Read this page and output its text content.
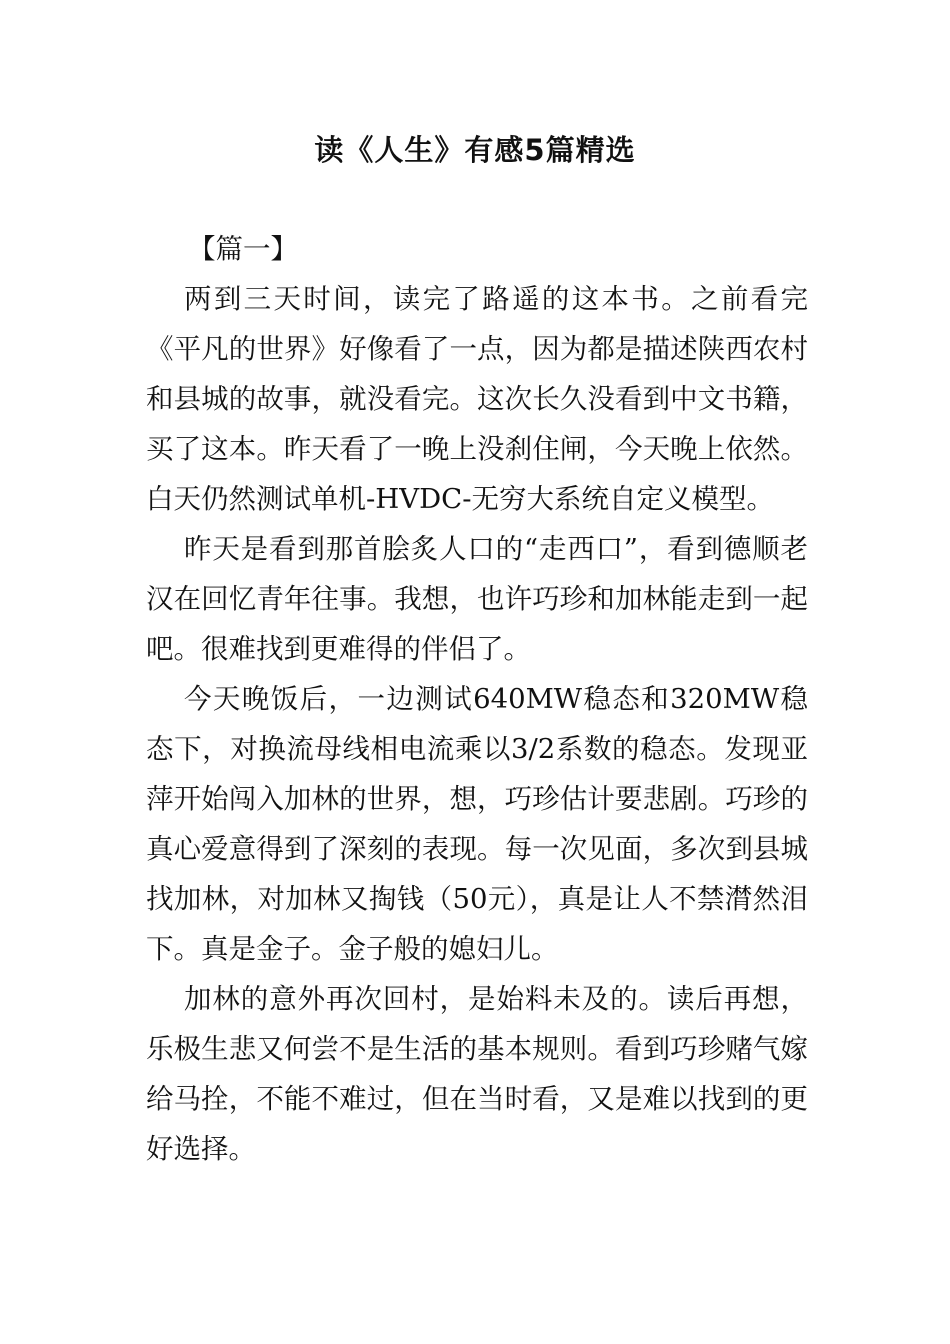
读《人生》有感5篇精选
【篇一】

两到三天时间，读完了路遥的这本书。之前看完《平凡的世界》好像看了一点，因为都是描述陕西农村和县城的故事，就没看完。这次长久没看到中文书籍，买了这本。昨天看了一晚上没刹住闸，今天晚上依然。白天仍然测试单机-HVDC-无穷大系统自定义模型。

昨天是看到那首脍炙人口的“走西口”，看到德顺老汉在回忆青年往事。我想，也许巧珍和加林能走到一起吧。很难找到更难得的伴侣了。

今天晚饭后，一边测试640MW稳态和320MW稳态下，对换流母线相电流乘以3/2系数的稳态。发现亚萍开始闯入加林的世界，想，巧珍估计要悲剧。巧珍的真心爱意得到了深刻的表现。每一次见面，多次到县城找加林，对加林又掏钱（50元），真是让人不禁潸然泪下。真是金子。金子般的媳妇儿。

加林的意外再次回村，是始料未及的。读后再想，乐极生悲又何尝不是生活的基本规则。看到巧珍赌气嫁给马拴，不能不难过，但在当时看，又是难以找到的更好选择。
